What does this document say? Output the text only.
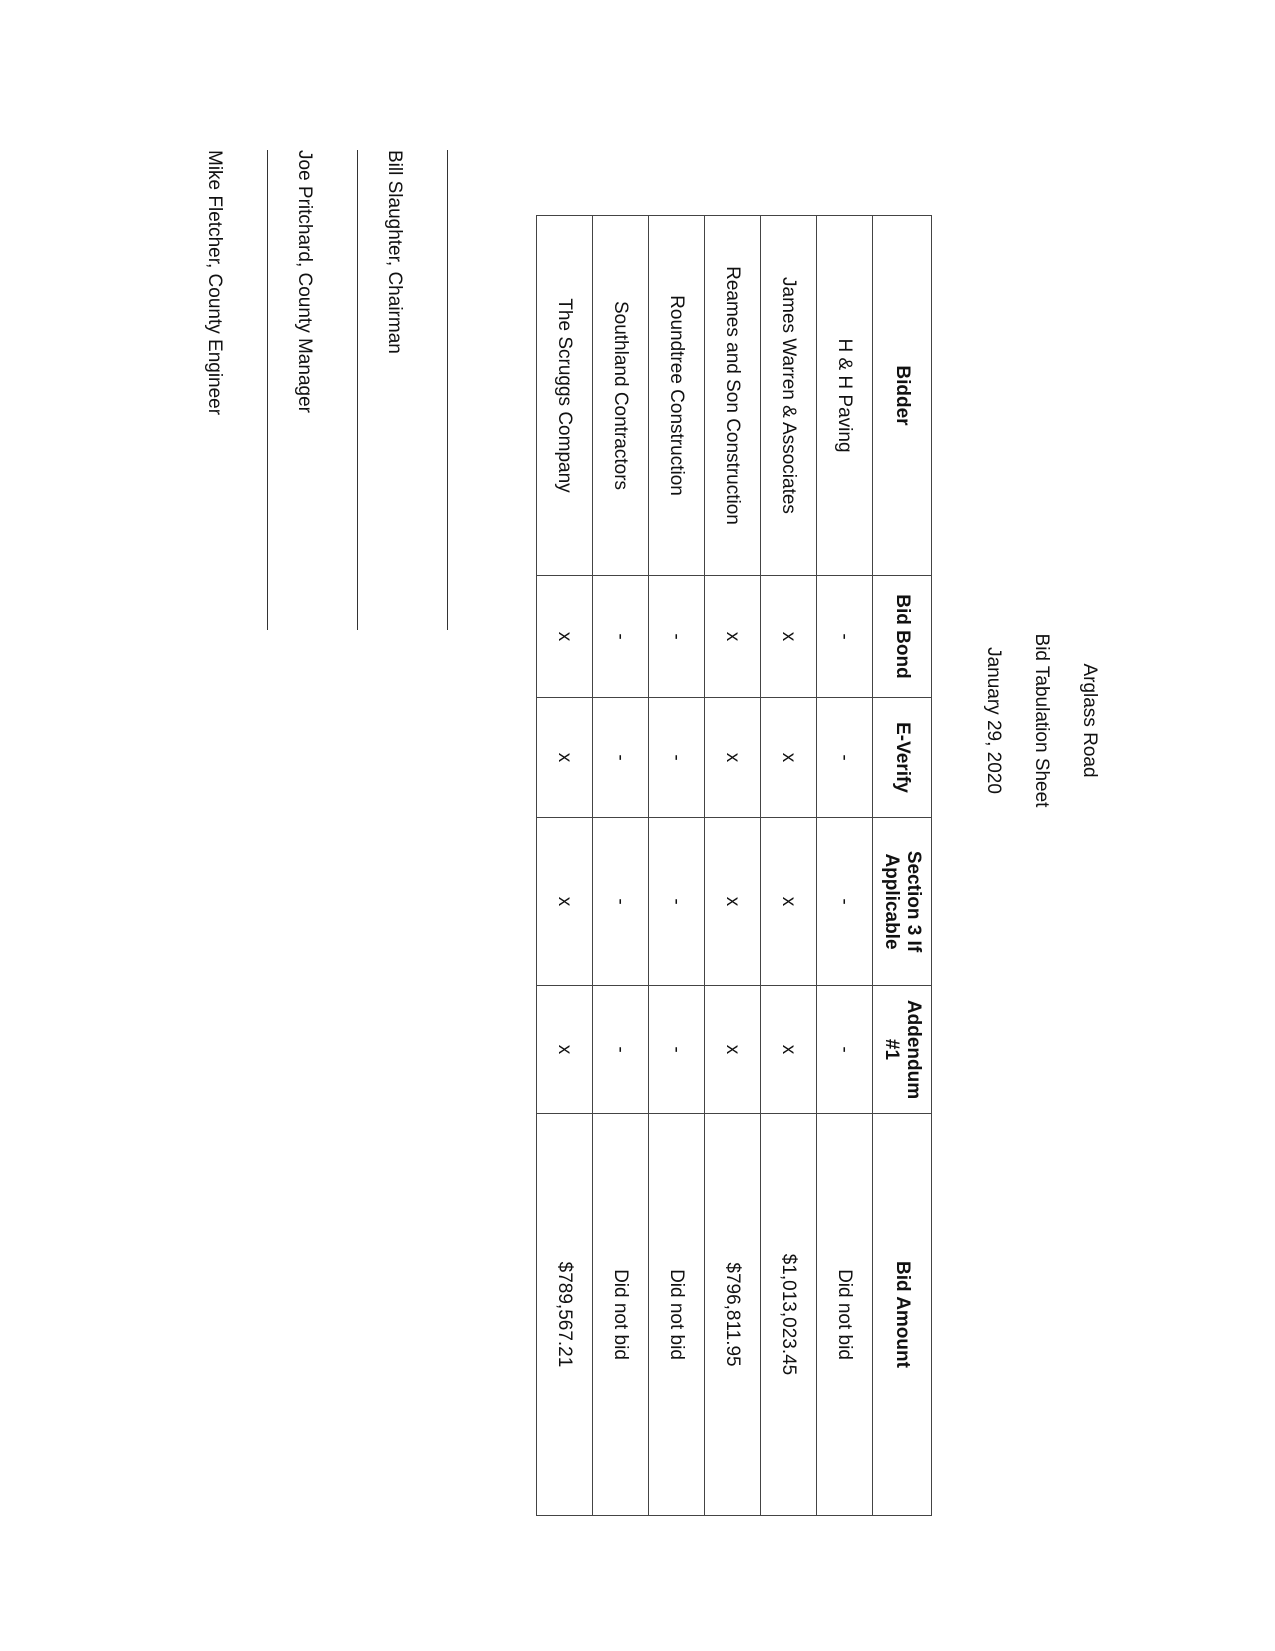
Arglass Road
Bid Tabulation Sheet
January 29, 2020
Bidder	Bid Bond	E-Verify	Section 3 If Applicable	Addendum #1	Bid Amount
H & H Paving	-	-	-	-	Did not bid
James Warren & Associates	x	x	x	x	$1,013,023.45
Reames and Son Construction	x	x	x	x	$796,811.95
Roundtree Construction	-	-	-	-	Did not bid
Southland Contractors	-	-	-	-	Did not bid
The Scruggs Company	x	x	x	x	$789,567.21
Bill Slaughter, Chairman
Joe Pritchard, County Manager
Mike Fletcher, County Engineer
